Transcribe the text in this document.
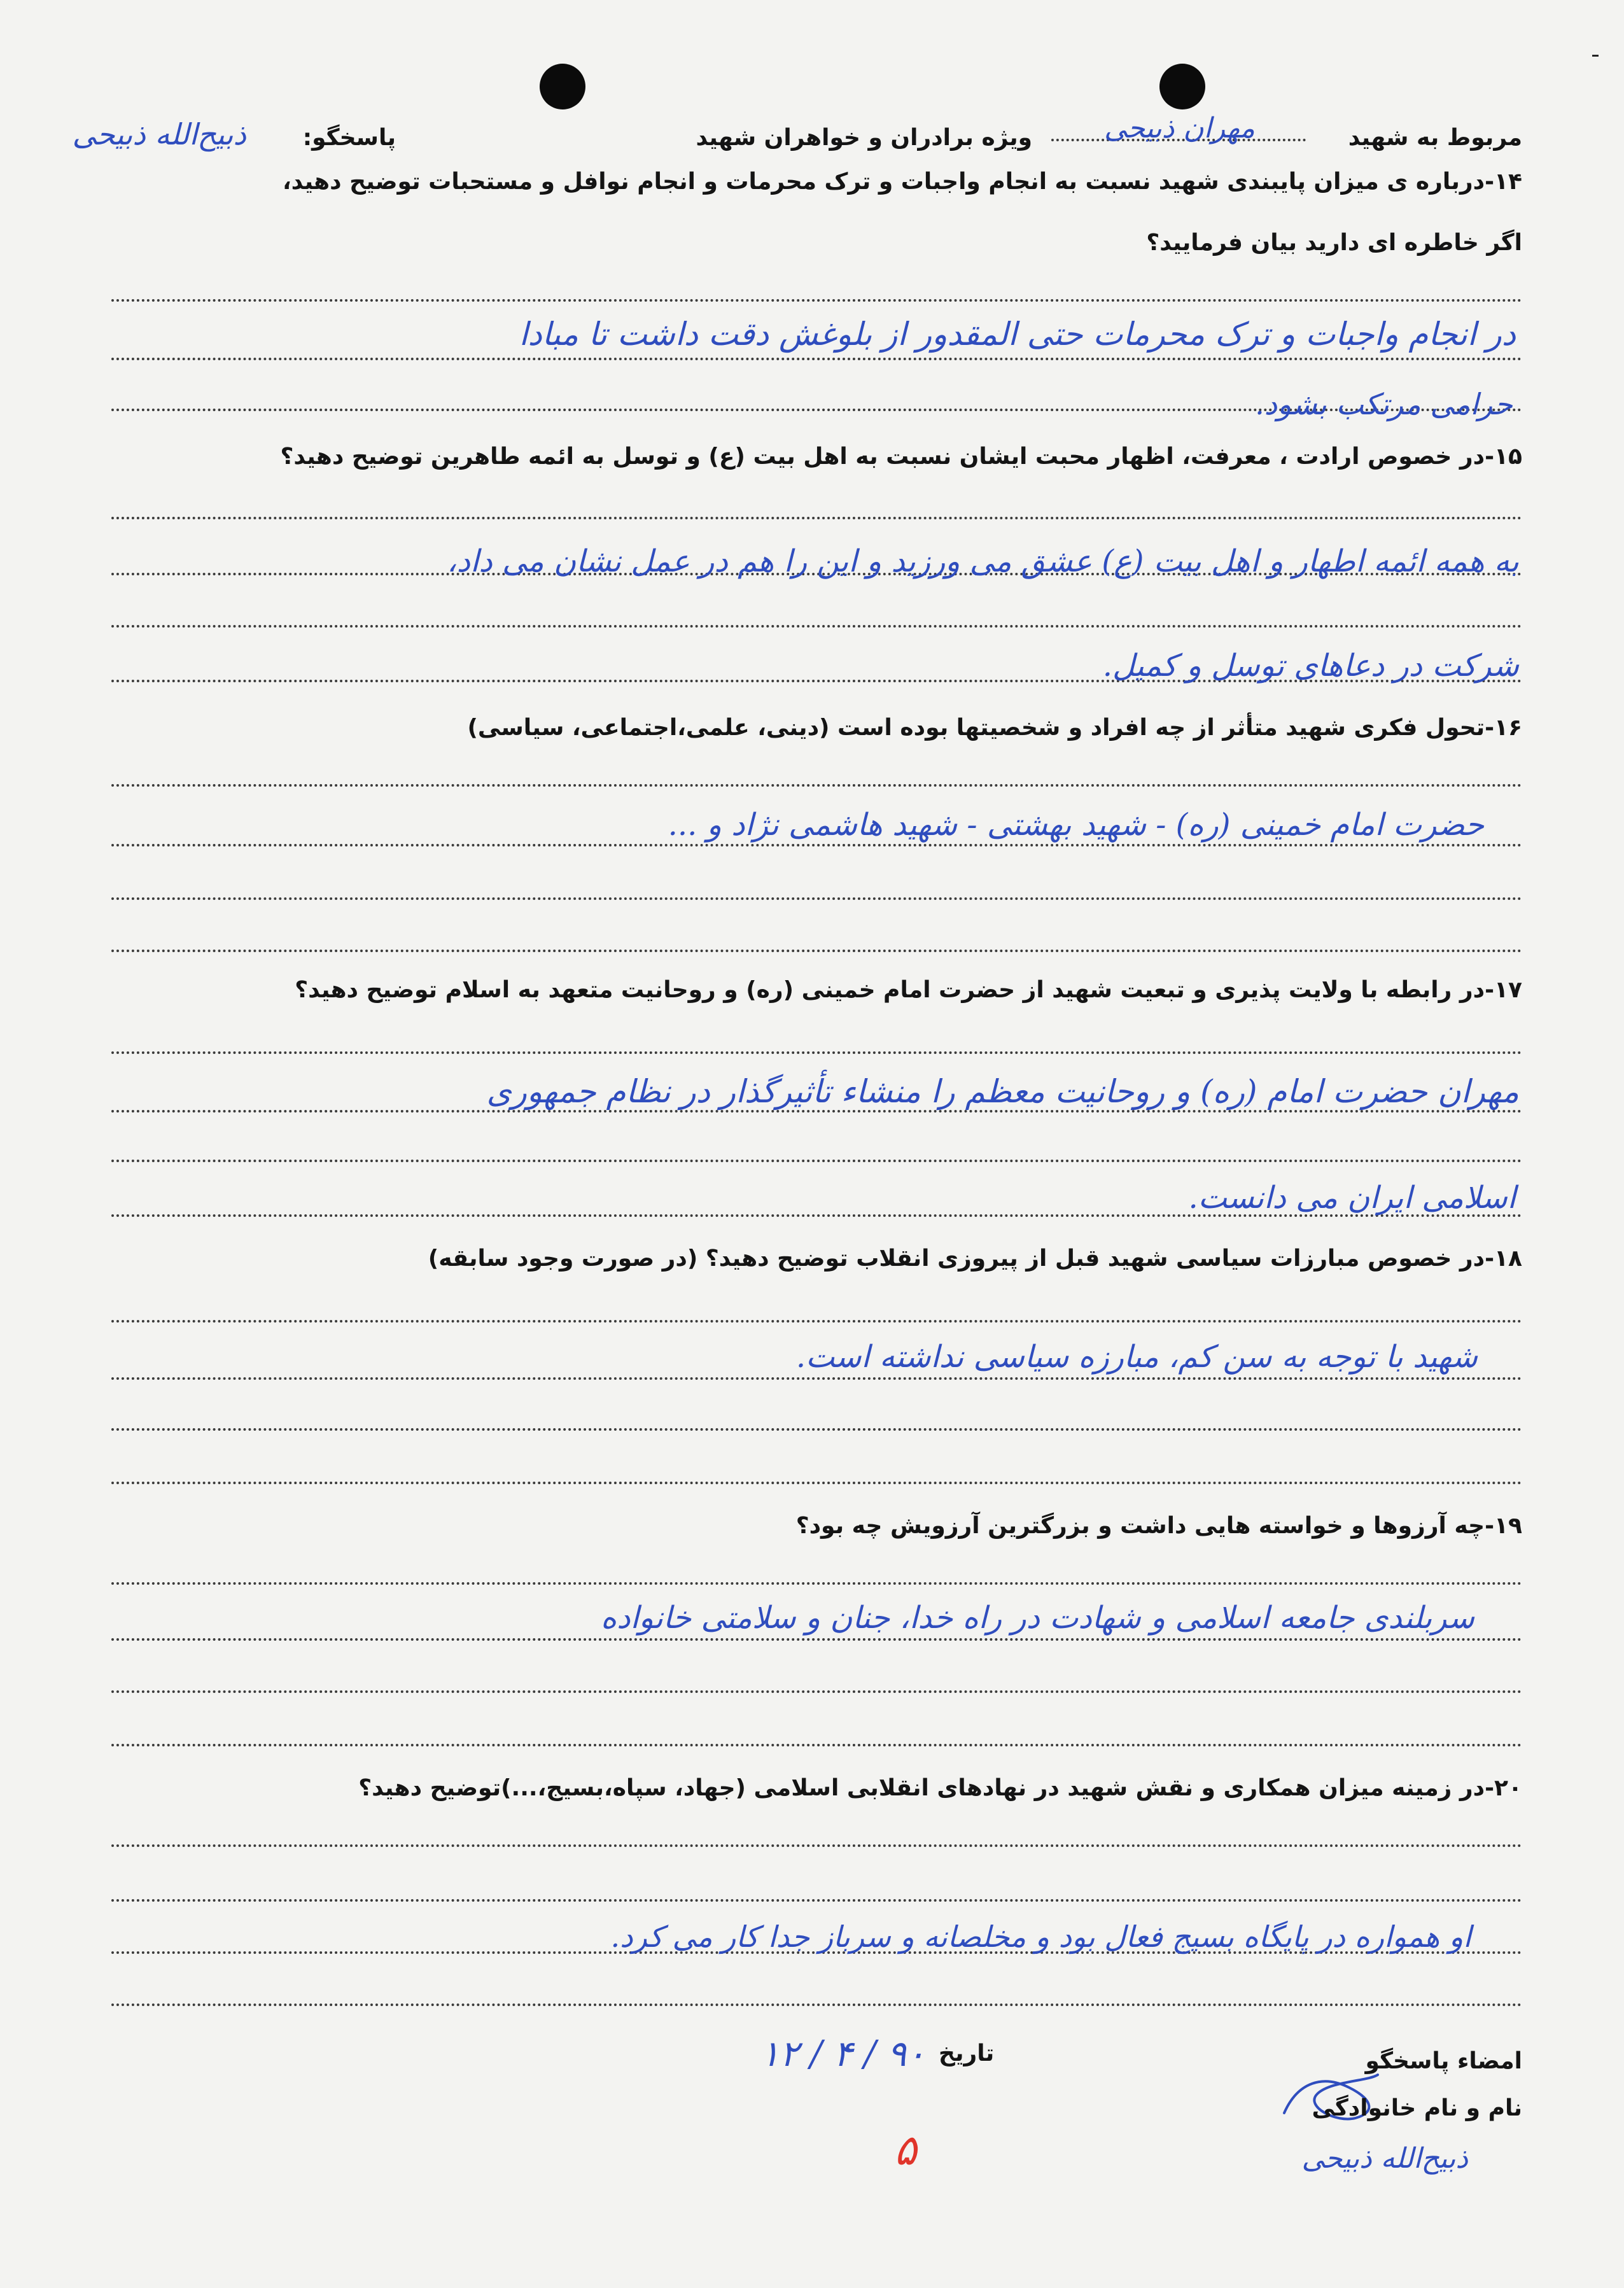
مربوط به شهید
مهران ذبیحی
ویژه برادران و خواهران شهید
پاسخگو:
ذبیح‌الله ذبیحی
۱۴-درباره ی میزان پایبندی شهید نسبت به انجام واجبات و ترک محرمات و انجام نوافل و مستحبات توضیح دهید،
اگر خاطره ای دارید بیان فرمایید؟
در انجام واجبات و ترک محرمات حتی المقدور از بلوغش دقت داشت تا مبادا
حرامی مرتکب بشود.
۱۵-در خصوص ارادت ، معرفت، اظهار محبت ایشان نسبت به اهل بیت (ع) و توسل به ائمه طاهرین توضیح دهید؟
به همه ائمه اطهار و اهل بیت (ع) عشق می ورزید و این را هم در عمل نشان می داد،
شرکت در دعاهای توسل و کمیل.
۱۶-تحول فکری شهید متأثر از چه افراد و شخصیتها بوده است (دینی، علمی،اجتماعی، سیاسی)
حضرت امام خمینی (ره) - شهید بهشتی - شهید هاشمی نژاد و ...
۱۷-در رابطه با ولایت پذیری و تبعیت شهید از حضرت امام خمینی (ره) و روحانیت متعهد به اسلام توضیح دهید؟
مهران حضرت امام (ره) و روحانیت معظم را منشاء تأثیرگذار در نظام جمهوری
اسلامی ایران می دانست.
۱۸-در خصوص مبارزات سیاسی شهید قبل از پیروزی انقلاب توضیح دهید؟ (در صورت وجود سابقه)
شهید با توجه به سن کم، مبارزه سیاسی نداشته است.
۱۹-چه آرزوها و خواسته هایی داشت و بزرگترین آرزویش چه بود؟
سربلندی جامعه اسلامی و شهادت در راه خدا، جنان و سلامتی خانواده
۲۰-در زمینه میزان همکاری و نقش شهید در نهادهای انقلابی اسلامی (جهاد، سپاه،بسیج،...)توضیح دهید؟
او همواره در پایگاه بسیج فعال بود و مخلصانه و سرباز جدا کار می کرد.
تاریخ
۱۲ / ۴ / ۹۰	امضاء پاسخگو
نام و نام خانوادگی
ذبیح‌الله ذبیحی
۵
